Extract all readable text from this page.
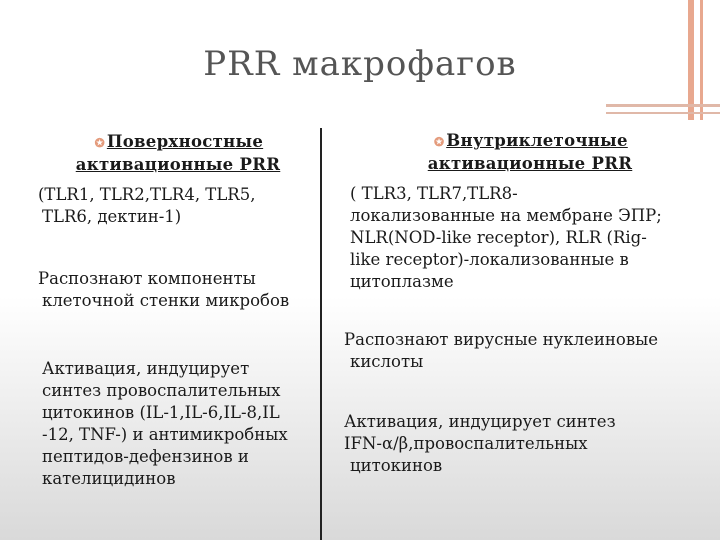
PRR макрофагов
✪ Поверхностные
активационные PRR

(TLR1, TLR2,TLR4, TLR5,
TLR6, дектин-1)

Распознают компоненты
клеточной стенки микробов

Активация, индуцирует
синтез провоспалительных
цитокинов (IL-1,IL-6,IL-8,IL
-12, TNF-) и антимикробных
пептидов-дефензинов и
кателицидинов

✪ Внутриклеточные
активационные PRR

( TLR3, TLR7,TLR8-
локализованные на мембране ЭПР;
NLR(NOD-like receptor), RLR (Rig-
like receptor)-локализованные в
цитоплазме

Распознают вирусные нуклеиновые
кислоты

Активация, индуцирует синтез
IFN-α/β,провоспалительных
цитокинов
